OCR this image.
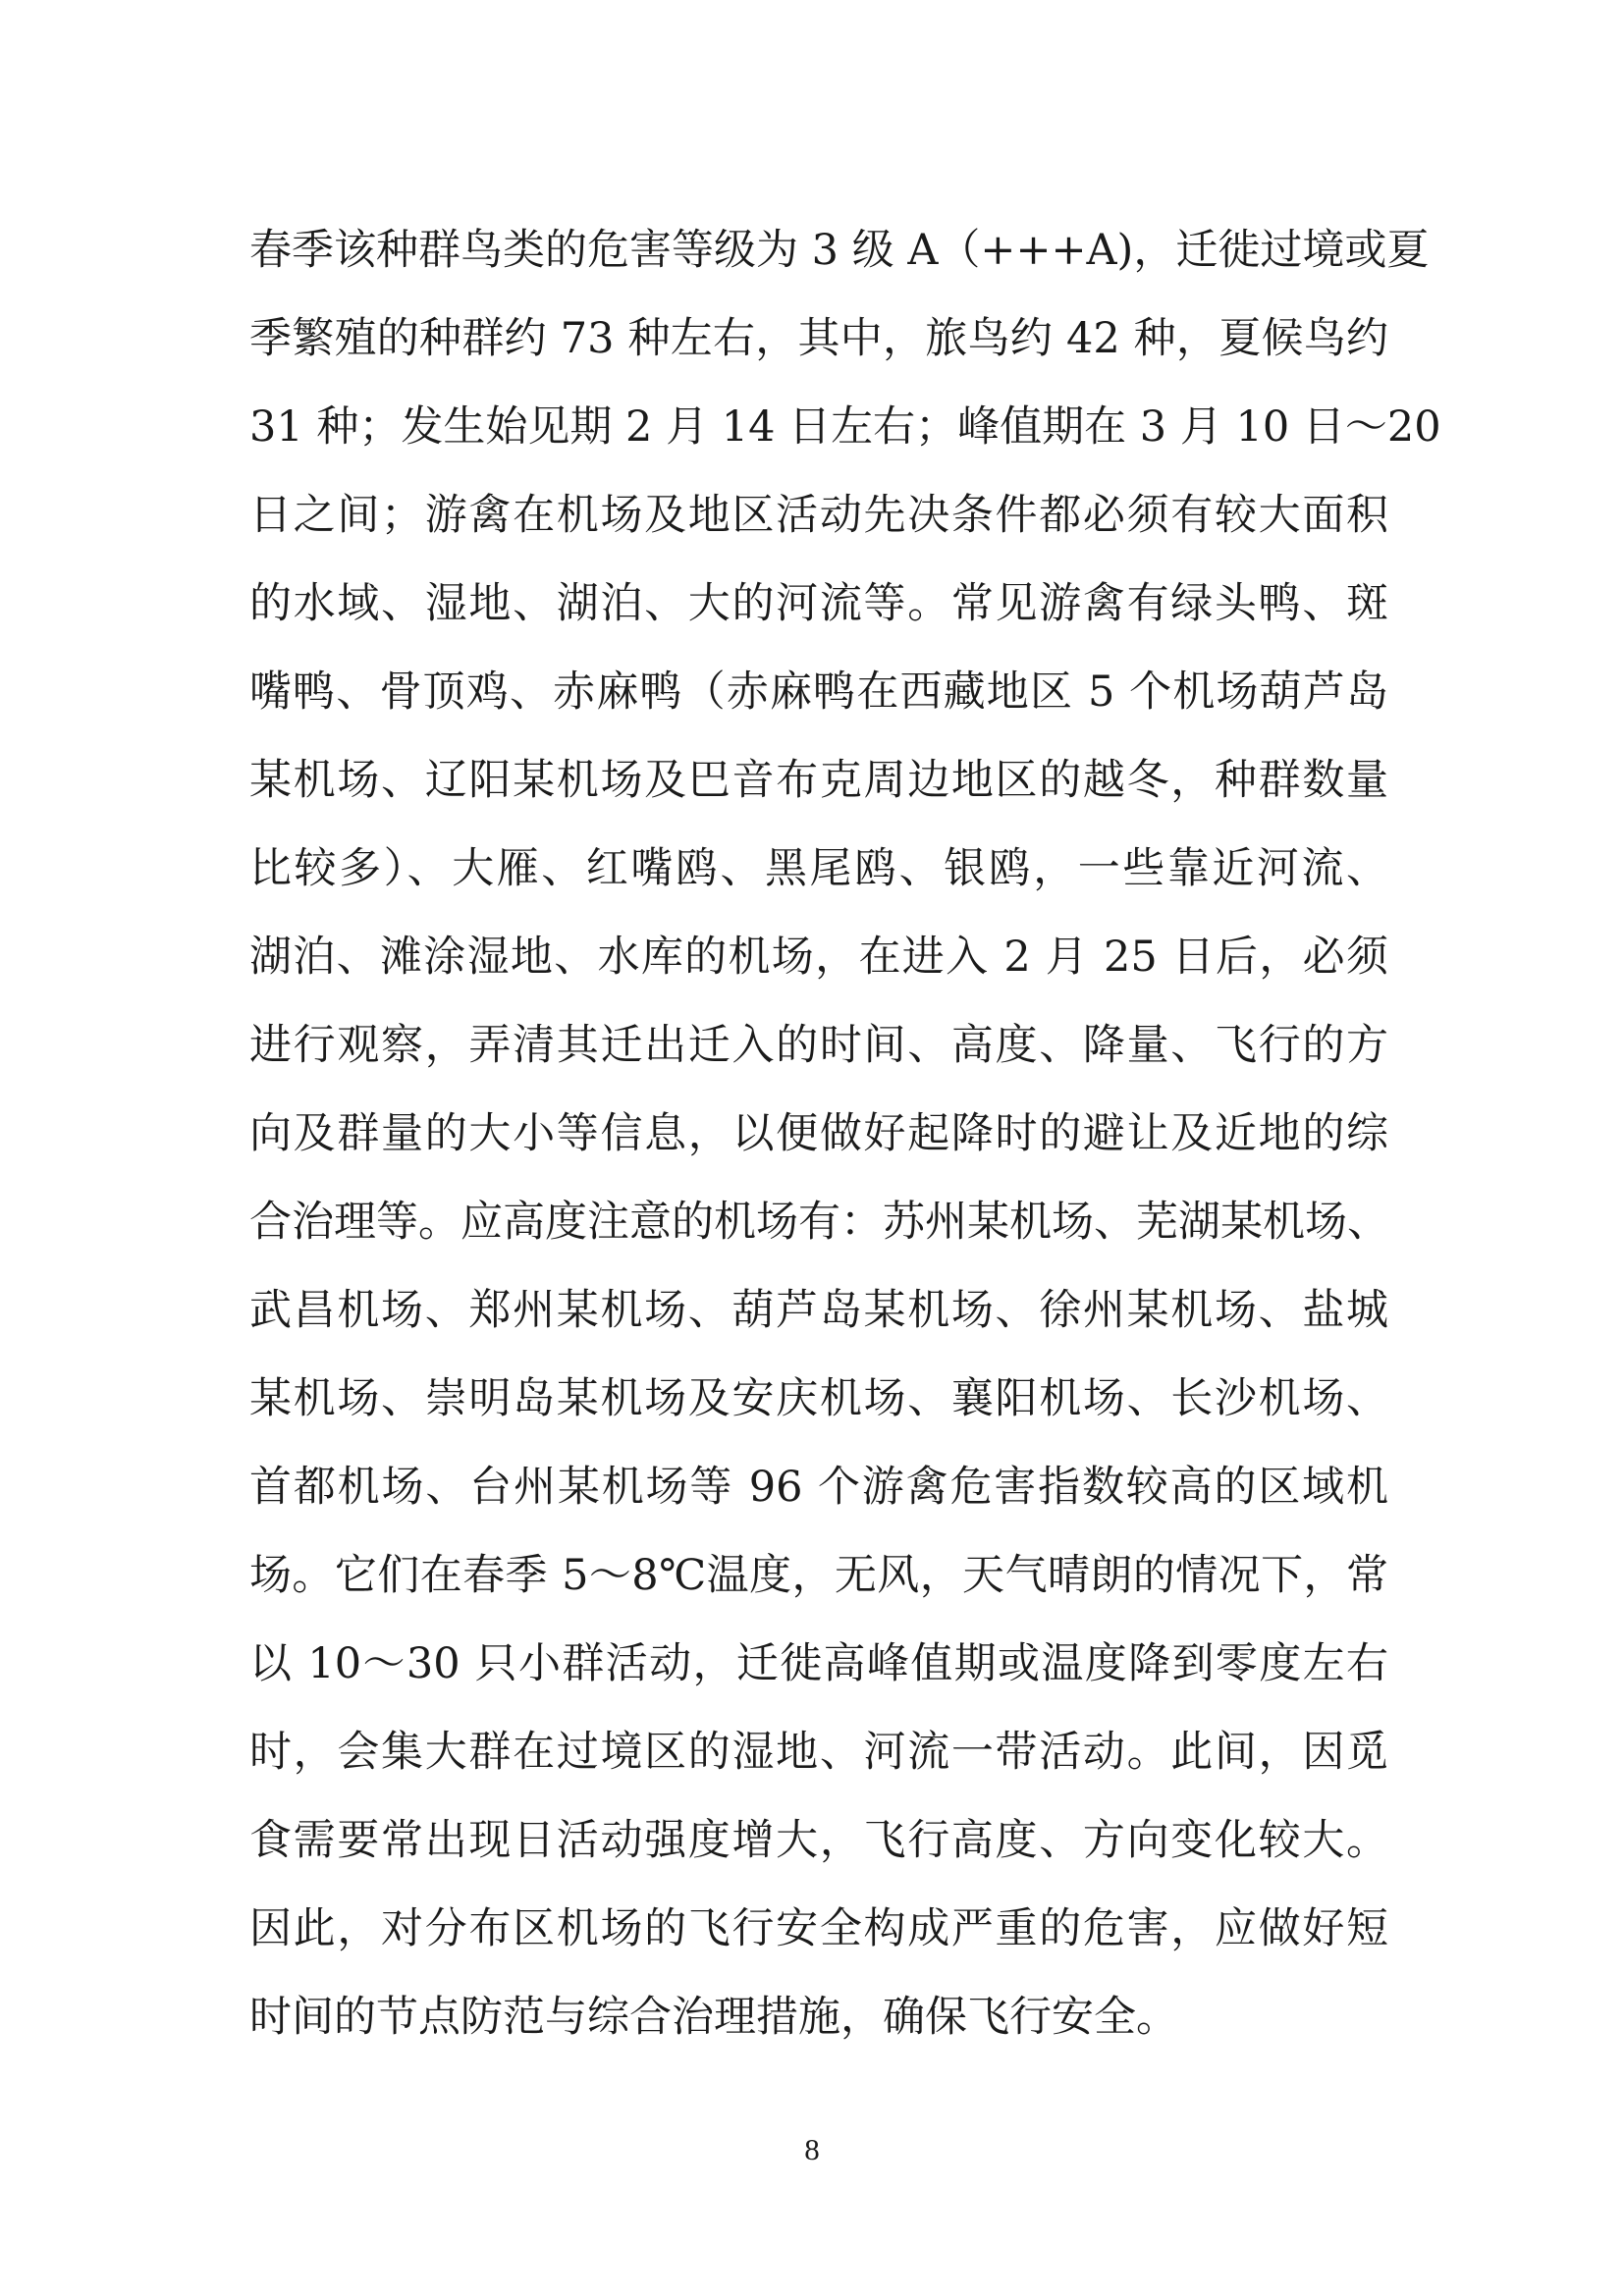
春季该种群鸟类的危害等级为 3 级 A（+++A)，迁徙过境或夏
季繁殖的种群约 73 种左右，其中，旅鸟约 42 种，夏候鸟约
31 种；发生始见期 2 月 14 日左右；峰值期在 3 月 10 日～20
日之间；游禽在机场及地区活动先决条件都必须有较大面积
的水域、湿地、湖泊、大的河流等。常见游禽有绿头鸭、斑
嘴鸭、骨顶鸡、赤麻鸭（赤麻鸭在西藏地区 5 个机场葫芦岛
某机场、辽阳某机场及巴音布克周边地区的越冬，种群数量
比较多）、大雁、红嘴鸥、黑尾鸥、银鸥，一些靠近河流、
湖泊、滩涂湿地、水库的机场，在进入 2 月 25 日后，必须
进行观察，弄清其迁出迁入的时间、高度、降量、飞行的方
向及群量的大小等信息，以便做好起降时的避让及近地的综
合治理等。应高度注意的机场有：苏州某机场、芜湖某机场、
武昌机场、郑州某机场、葫芦岛某机场、徐州某机场、盐城
某机场、崇明岛某机场及安庆机场、襄阳机场、长沙机场、
首都机场、台州某机场等 96 个游禽危害指数较高的区域机
场。它们在春季 5～8℃温度，无风，天气晴朗的情况下，常
以 10～30 只小群活动，迁徙高峰值期或温度降到零度左右
时，会集大群在过境区的湿地、河流一带活动。此间，因觅
食需要常出现日活动强度增大，飞行高度、方向变化较大。
因此，对分布区机场的飞行安全构成严重的危害，应做好短
时间的节点防范与综合治理措施，确保飞行安全。
8
